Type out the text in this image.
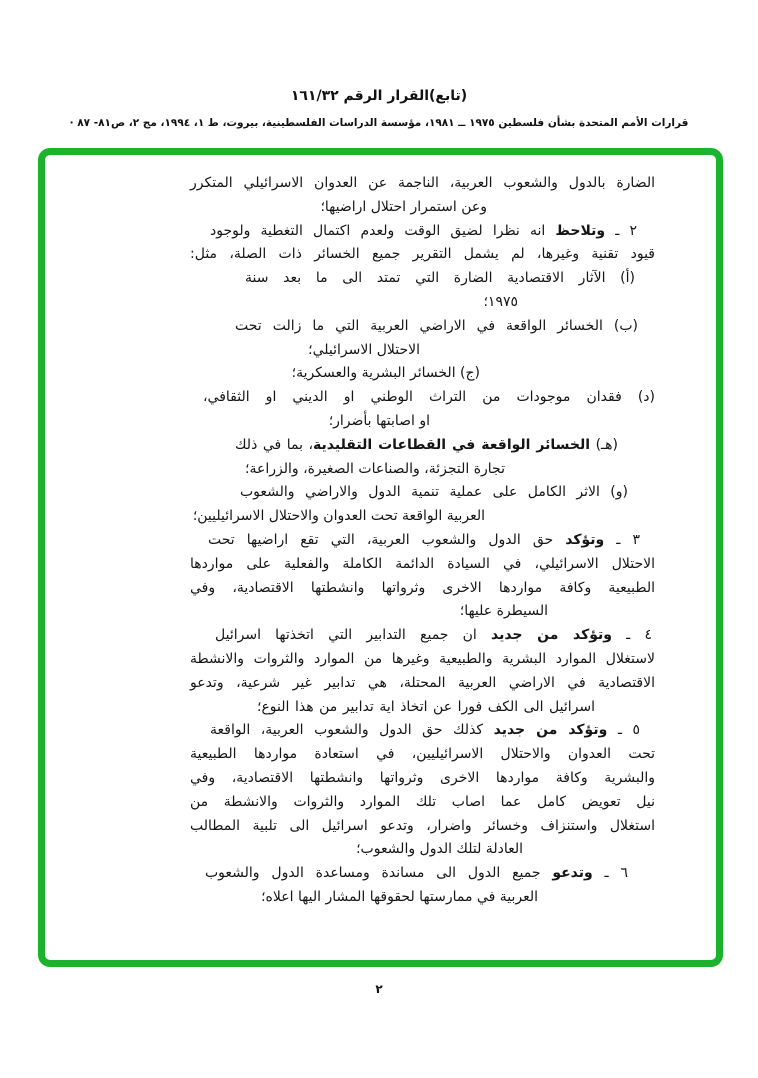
(تابع)القرار الرقم ١٦١/٣٢
قرارات الأمم المتحدة بشأن فلسطين ١٩٧٥ ــ ١٩٨١، مؤسسة الدراسات الفلسطينية، بيروت، ط ١، ١٩٩٤، مج ٢، ص٨١- ٨٧ ·
الضارة بالدول والشعوب العربية، الناجمة عن العدوان الاسرائيلي المتكرر
وعن استمرار احتلال اراضيها؛
٢ ـ وتلاحظ انه نظرا لضيق الوقت ولعدم اكتمال التغطية ولوجود
قيود تقنية وغيرها، لم يشمل التقرير جميع الخسائر ذات الصلة، مثل:
(أ) الآثار الاقتصادية الضارة التي تمتد الى ما بعد سنة
١٩٧٥؛
(ب) الخسائر الواقعة في الاراضي العربية التي ما زالت تحت
الاحتلال الاسرائيلي؛
(ج) الخسائر البشرية والعسكرية؛
(د) فقدان موجودات من التراث الوطني او الديني او الثقافي،
او اصابتها بأضرار؛
(هـ) الخسائر الواقعة في القطاعات التقليدية، بما في ذلك
تجارة التجزئة، والصناعات الصغيرة، والزراعة؛
(و) الاثر الكامل على عملية تنمية الدول والاراضي والشعوب
العربية الواقعة تحت العدوان والاحتلال الاسرائيليين؛
٣ ـ وتؤكد حق الدول والشعوب العربية، التي تقع اراضيها تحت
الاحتلال الاسرائيلي، في السيادة الدائمة الكاملة والفعلية على مواردها
الطبيعية وكافة مواردها الاخرى وثرواتها وانشطتها الاقتصادية، وفي
السيطرة عليها؛
٤ ـ وتؤكد من جديد ان جميع التدابير التي اتخذتها اسرائيل
لاستغلال الموارد البشرية والطبيعية وغيرها من الموارد والثروات والانشطة
الاقتصادية في الاراضي العربية المحتلة، هي تدابير غير شرعية، وتدعو
اسرائيل الى الكف فورا عن اتخاذ اية تدابير من هذا النوع؛
٥ ـ وتؤكد من جديد كذلك حق الدول والشعوب العربية، الواقعة
تحت العدوان والاحتلال الاسرائيليين، في استعادة مواردها الطبيعية
والبشرية وكافة مواردها الاخرى وثرواتها وانشطتها الاقتصادية، وفي
نيل تعويض كامل عما اصاب تلك الموارد والثروات والانشطة من
استغلال واستنزاف وخسائر واضرار، وتدعو اسرائيل الى تلبية المطالب
العادلة لتلك الدول والشعوب؛
٦ ـ وتدعو جميع الدول الى مساندة ومساعدة الدول والشعوب
العربية في ممارستها لحقوقها المشار اليها اعلاه؛
٢
